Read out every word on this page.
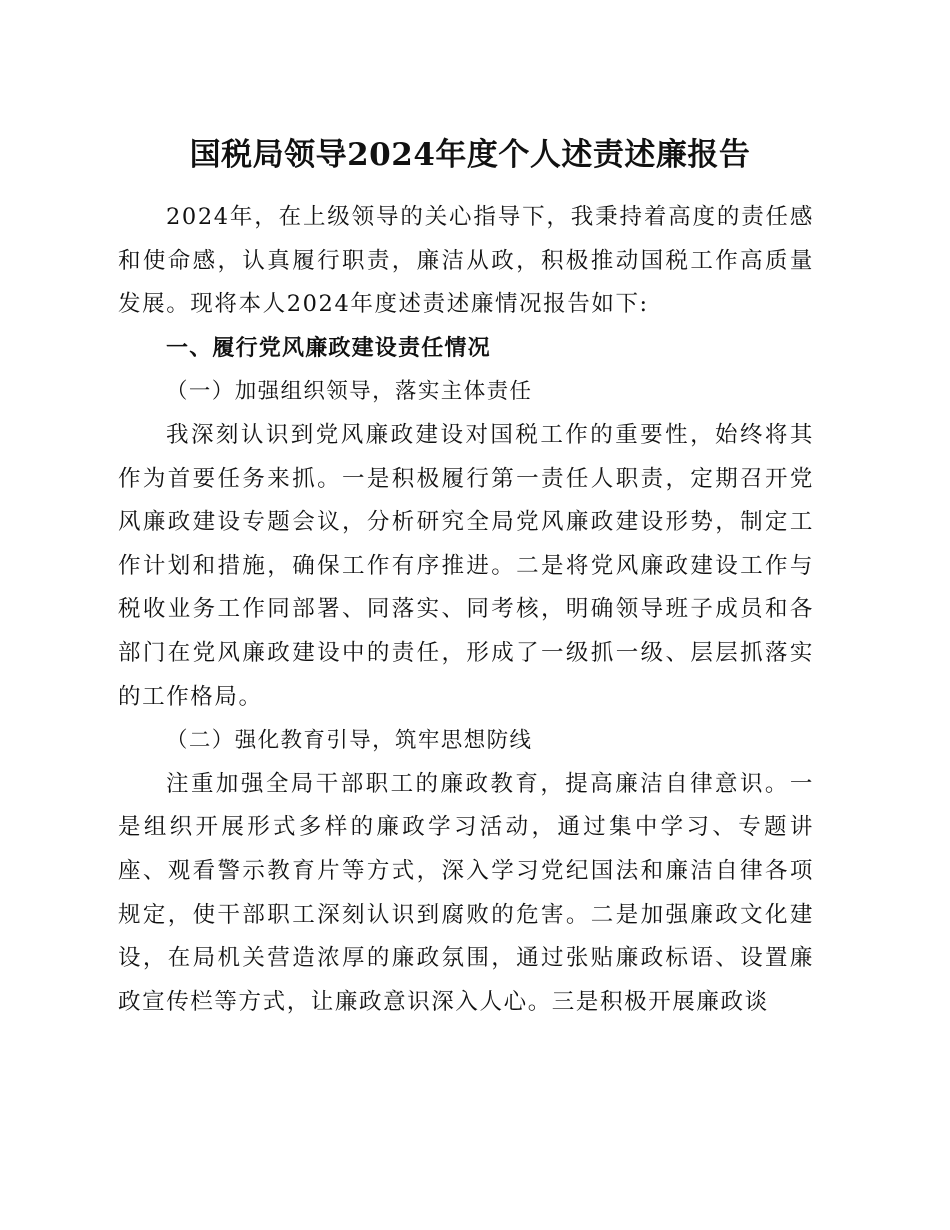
国税局领导2024年度个人述责述廉报告

2024年，在上级领导的关心指导下，我秉持着高度的责任感和使命感，认真履行职责，廉洁从政，积极推动国税工作高质量发展。现将本人2024年度述责述廉情况报告如下:

一、履行党风廉政建设责任情况

（一）加强组织领导，落实主体责任

我深刻认识到党风廉政建设对国税工作的重要性，始终将其作为首要任务来抓。一是积极履行第一责任人职责，定期召开党风廉政建设专题会议，分析研究全局党风廉政建设形势，制定工作计划和措施，确保工作有序推进。二是将党风廉政建设工作与税收业务工作同部署、同落实、同考核，明确领导班子成员和各部门在党风廉政建设中的责任，形成了一级抓一级、层层抓落实的工作格局。

（二）强化教育引导，筑牢思想防线

注重加强全局干部职工的廉政教育，提高廉洁自律意识。一是组织开展形式多样的廉政学习活动，通过集中学习、专题讲座、观看警示教育片等方式，深入学习党纪国法和廉洁自律各项规定，使干部职工深刻认识到腐败的危害。二是加强廉政文化建设，在局机关营造浓厚的廉政氛围，通过张贴廉政标语、设置廉政宣传栏等方式，让廉政意识深入人心。三是积极开展廉政谈
